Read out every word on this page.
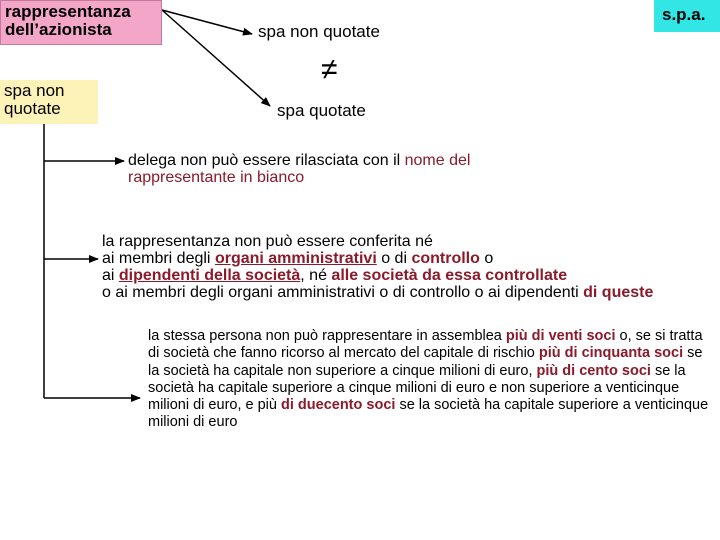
rappresentanza dell’azionista
spa non quotate
s.p.a.
spa non quotate
≠
spa quotate
delega non può essere rilasciata con il nome del rappresentante in bianco
la rappresentanza non può essere conferita né
ai membri degli organi amministrativi o di controllo o
ai dipendenti della società, né alle società da essa controllate
o ai membri degli organi amministrativi o di controllo o ai dipendenti di queste
la stessa persona non può rappresentare in assemblea più di venti soci o, se si tratta di società che fanno ricorso al mercato del capitale di rischio più di cinquanta soci se la società ha capitale non superiore a cinque milioni di euro, più di cento soci se la società ha capitale superiore a cinque milioni di euro e non superiore a venticinque milioni di euro, e più di duecento soci se la società ha capitale superiore a venticinque milioni di euro
